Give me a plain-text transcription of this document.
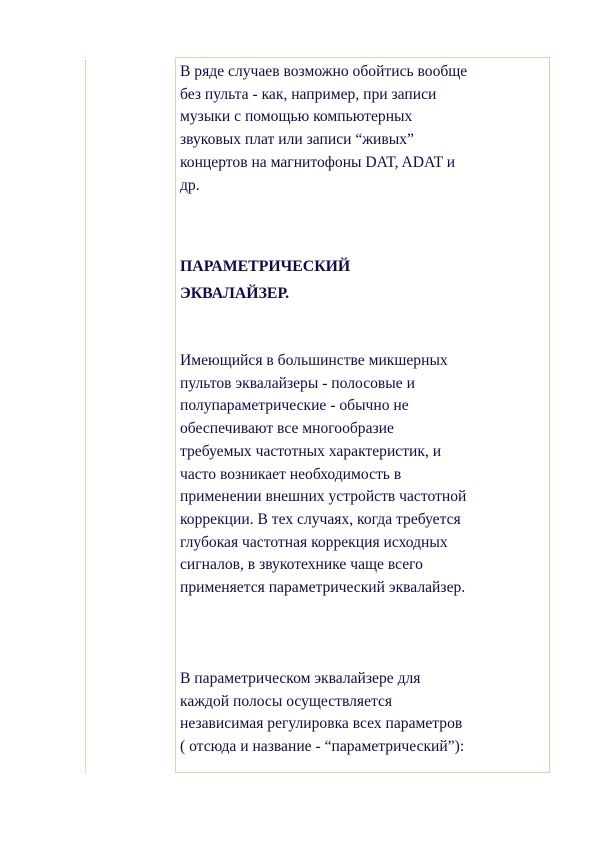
В ряде случаев возможно обойтись вообще
без пульта - как, например, при записи
музыки с помощью компьютерных
звуковых плат или записи “живых”
концертов на магнитофоны DAT, ADAT и
др.

ПАРАМЕТРИЧЕСКИЙ
ЭКВАЛАЙЗЕР.

Имеющийся в большинстве микшерных
пультов эквалайзеры - полосовые и
полупараметрические - обычно не
обеспечивают все многообразие
требуемых частотных характеристик, и
часто возникает необходимость в
применении внешних устройств частотной
коррекции. В тех случаях, когда требуется
глубокая частотная коррекция исходных
сигналов, в звукотехнике чаще всего
применяется параметрический эквалайзер.

В параметрическом эквалайзере для
каждой полосы осуществляется
независимая регулировка всех параметров
( отсюда и название - “параметрический”):
